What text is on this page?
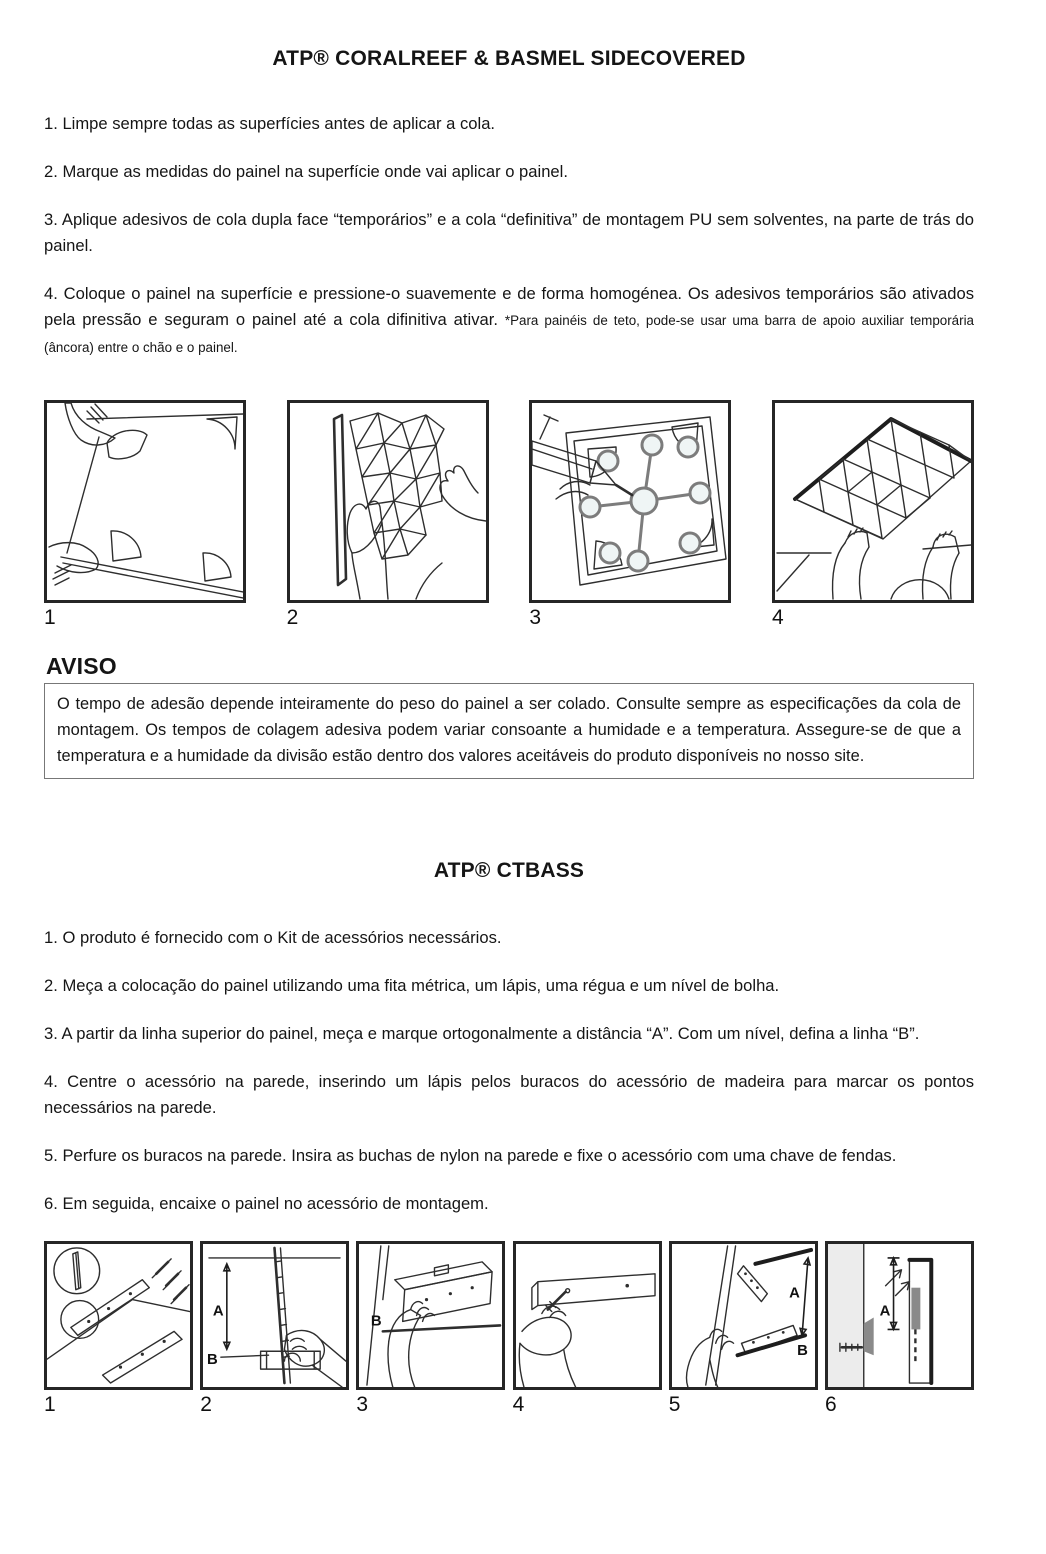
ATP® CORALREEF & BASMEL SIDECOVERED

1. Limpe sempre todas as superfícies antes de aplicar a cola.

2. Marque as medidas do painel na superfície onde vai aplicar o painel.

3. Aplique adesivos de cola dupla face “temporários” e a cola “definitiva” de montagem PU sem solventes, na parte de trás do painel.

4. Coloque o painel na superfície e pressione-o suavemente e de forma homogénea. Os adesivos temporários são ativados pela pressão e seguram o painel até a cola difinitiva ativar. *Para painéis de teto, pode-se usar uma barra de apoio auxiliar temporária (âncora) entre o chão e o painel.

1	2	3	4
AVISO
O tempo de adesão depende inteiramente do peso do painel a ser colado. Consulte sempre as especificações da cola de montagem. Os tempos de colagem adesiva podem variar consoante a humidade e a temperatura. Assegure-se de que a temperatura e a humidade da divisão estão dentro dos valores aceitáveis do produto disponíveis no nosso site.
ATP® CTBASS

1. O produto é fornecido com o Kit de acessórios necessários.

2. Meça a colocação do painel utilizando uma fita métrica, um lápis, uma régua e um nível de bolha.

3. A partir da linha superior do painel, meça e marque ortogonalmente a distância “A”. Com um nível, defina a linha “B”.

4. Centre o acessório na parede, inserindo um lápis pelos buracos do acessório de madeira para marcar os pontos necessários na parede.

5. Perfure os buracos na parede. Insira as buchas de nylon na parede e fixe o acessório com uma chave de fendas.

6. Em seguida, encaixe o painel no acessório de montagem.

1
A
B
2
B
3	4
A
B
5
A
6
